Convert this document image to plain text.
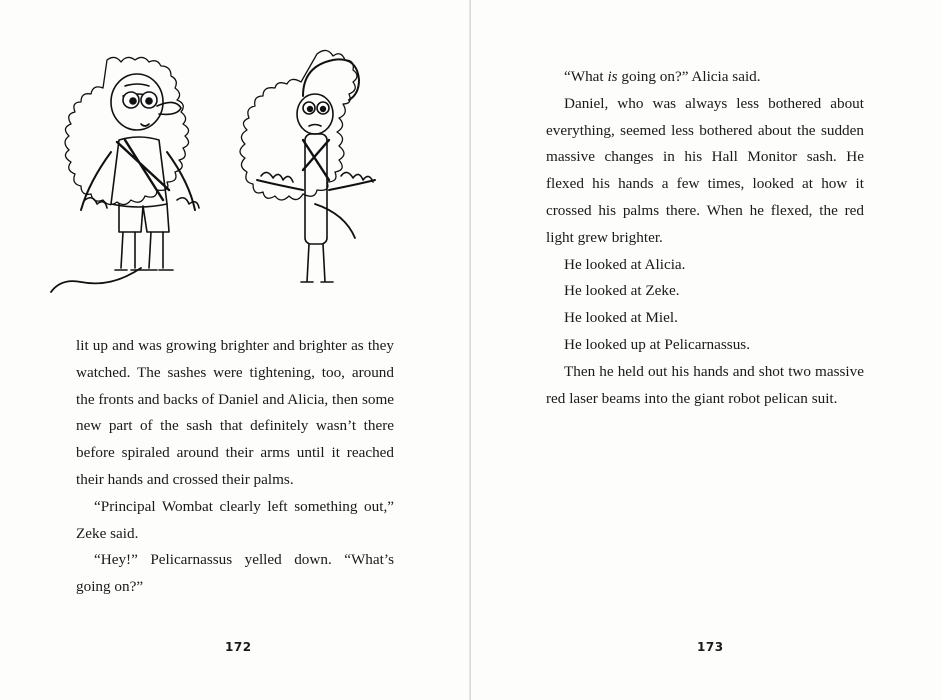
lit up and was growing brighter and brighter as they watched. The sashes were tightening, too, around the fronts and backs of Daniel and Alicia, then some new part of the sash that definitely wasn’t there before spiraled around their arms until it reached their hands and crossed their palms.

“Principal Wombat clearly left something out,” Zeke said.

“Hey!” Pelicarnassus yelled down. “What’s going on?”

172

“What is going on?” Alicia said.

Daniel, who was always less bothered about everything, seemed less bothered about the sudden massive changes in his Hall Monitor sash. He flexed his hands a few times, looked at how it crossed his palms there. When he flexed, the red light grew brighter.

He looked at Alicia.

He looked at Zeke.

He looked at Miel.

He looked up at Pelicarnassus.

Then he held out his hands and shot two massive red laser beams into the giant robot pelican suit.

173
